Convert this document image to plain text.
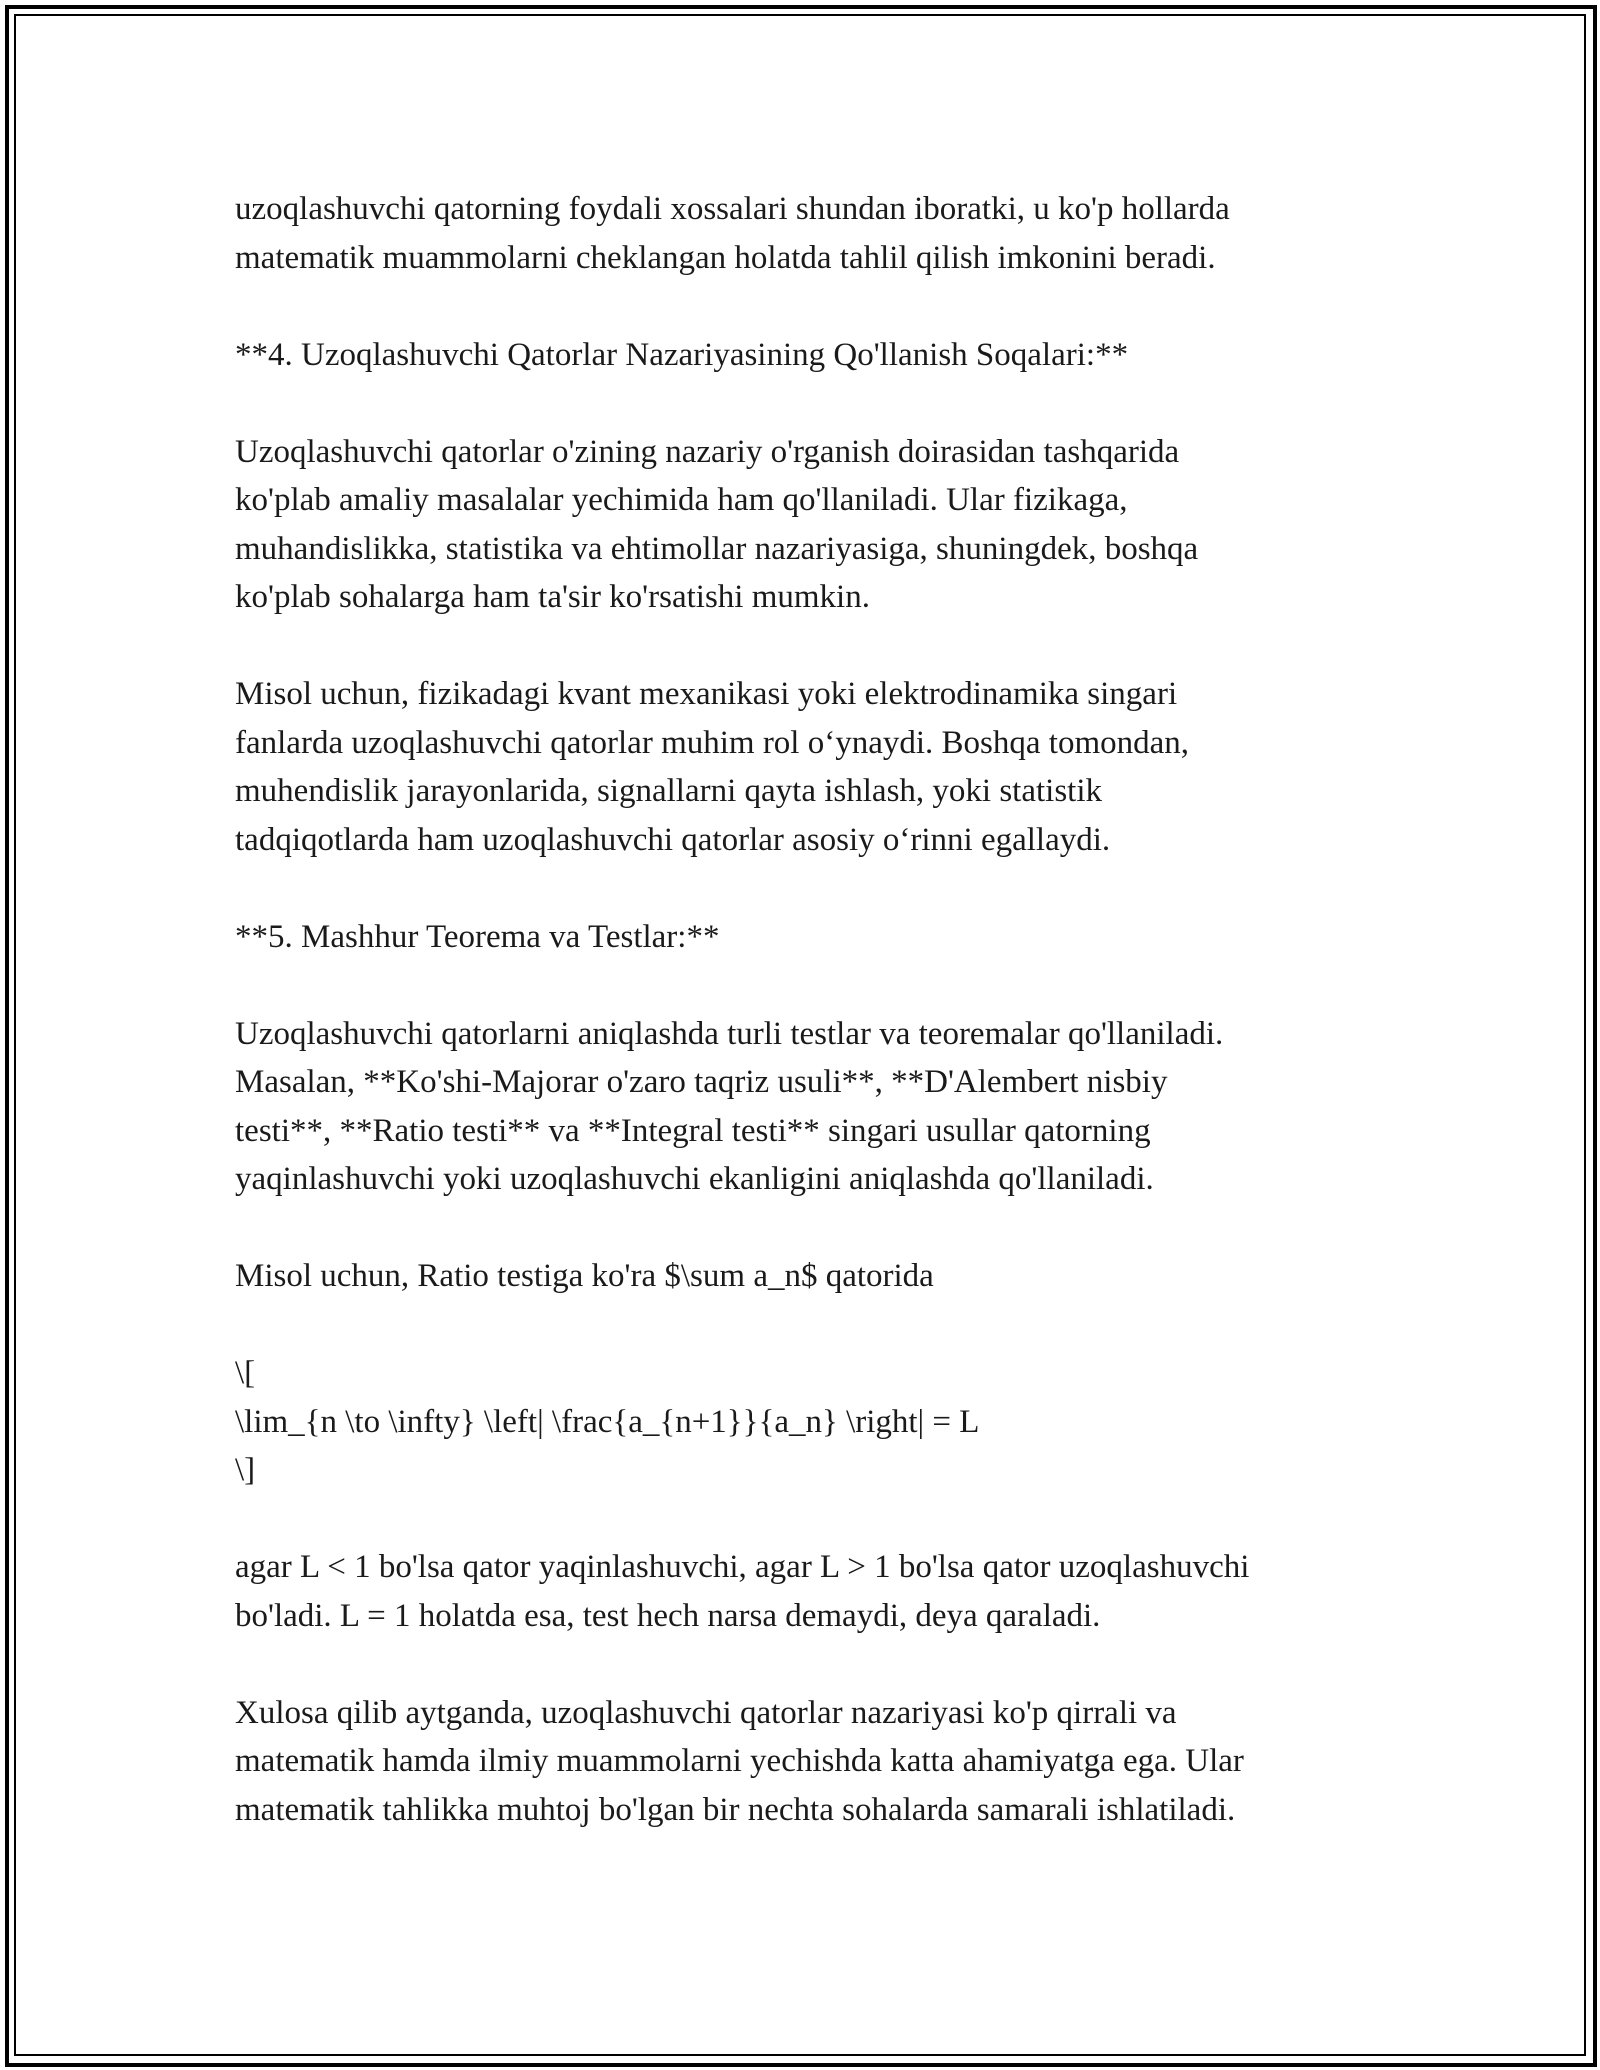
uzoqlashuvchi qatorning foydali xossalari shundan iboratki, u ko'p hollarda
matematik muammolarni cheklangan holatda tahlil qilish imkonini beradi.
**4. Uzoqlashuvchi Qatorlar Nazariyasining Qo'llanish Soqalari:**
Uzoqlashuvchi qatorlar o'zining nazariy o'rganish doirasidan tashqarida
ko'plab amaliy masalalar yechimida ham qo'llaniladi. Ular fizikaga,
muhandislikka, statistika va ehtimollar nazariyasiga, shuningdek, boshqa
ko'plab sohalarga ham ta'sir ko'rsatishi mumkin.
Misol uchun, fizikadagi kvant mexanikasi yoki elektrodinamika singari
fanlarda uzoqlashuvchi qatorlar muhim rol o‘ynaydi. Boshqa tomondan,
muhendislik jarayonlarida, signallarni qayta ishlash, yoki statistik
tadqiqotlarda ham uzoqlashuvchi qatorlar asosiy o‘rinni egallaydi.
**5. Mashhur Teorema va Testlar:**
Uzoqlashuvchi qatorlarni aniqlashda turli testlar va teoremalar qo'llaniladi.
Masalan, **Ko'shi-Majorar o'zaro taqriz usuli**, **D'Alembert nisbiy
testi**, **Ratio testi** va **Integral testi** singari usullar qatorning
yaqinlashuvchi yoki uzoqlashuvchi ekanligini aniqlashda qo'llaniladi.
Misol uchun, Ratio testiga ko'ra $\sum a_n$ qatorida
\[
\lim_{n \to \infty} \left| \frac{a_{n+1}}{a_n} \right| = L
\]
agar L < 1 bo'lsa qator yaqinlashuvchi, agar L > 1 bo'lsa qator uzoqlashuvchi
bo'ladi. L = 1 holatda esa, test hech narsa demaydi, deya qaraladi.
Xulosa qilib aytganda, uzoqlashuvchi qatorlar nazariyasi ko'p qirrali va
matematik hamda ilmiy muammolarni yechishda katta ahamiyatga ega. Ular
matematik tahlikka muhtoj bo'lgan bir nechta sohalarda samarali ishlatiladi.
